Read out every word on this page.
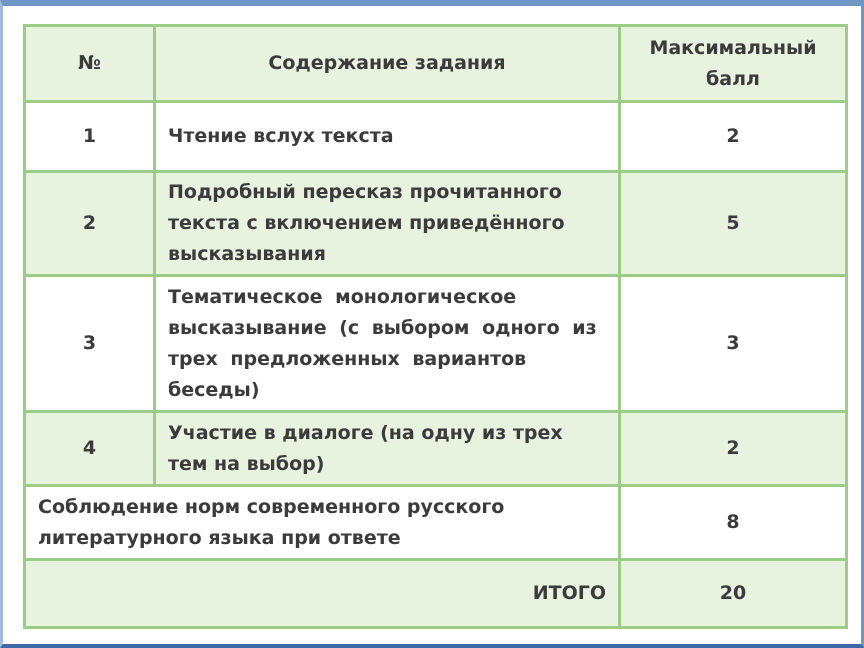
№	Содержание задания	Максимальный балл
1	Чтение вслух текста	2
2	Подробный пересказ прочитанного текста с включением приведённого высказывания	5
3	Тематическое монологическое высказывание (с выбором одного из трех предложенных вариантов беседы)	3
4	Участие в диалоге (на одну из трех тем на выбор)	2
Соблюдение норм современного русского литературного языка при ответе		8
ИТОГО		20
